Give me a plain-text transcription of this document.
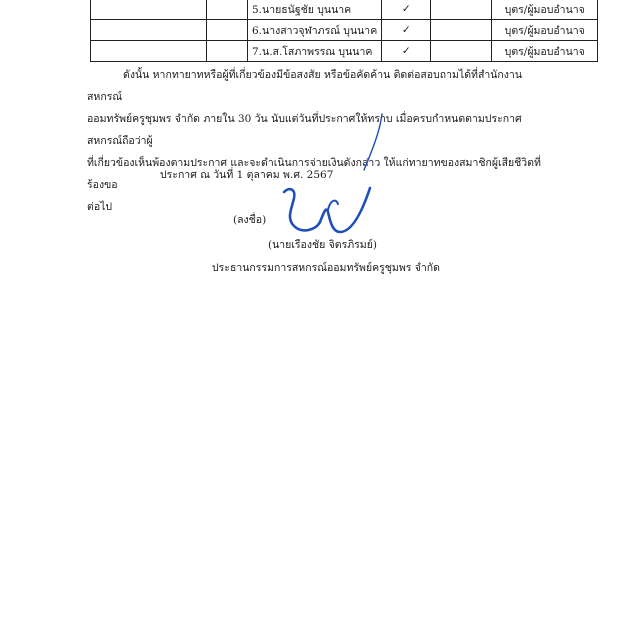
		5.นายธนัฐชัย บุนนาค	✓		บุตร/ผู้มอบอำนาจ
		6.นางสาวจุฬาภรณ์ บุนนาค	✓		บุตร/ผู้มอบอำนาจ
		7.น.ส.โสภาพรรณ บุนนาค	✓		บุตร/ผู้มอบอำนาจ

ดังนั้น หากทายาทหรือผู้ที่เกี่ยวข้องมีข้อสงสัย หรือข้อคัดค้าน ติดต่อสอบถามได้ที่สำนักงานสหกรณ์

ออมทรัพย์ครูชุมพร จำกัด ภายใน 30 วัน นับแต่วันที่ประกาศให้ทราบ เมื่อครบกำหนดตามประกาศ สหกรณ์ถือว่าผู้

ที่เกี่ยวข้องเห็นพ้องตามประกาศ และจะดำเนินการจ่ายเงินดังกล่าว ให้แก่ทายาทของสมาชิกผู้เสียชีวิตที่ร้องขอ

ต่อไป

ประกาศ ณ วันที่ 1 ตุลาคม พ.ศ. 2567
(ลงชื่อ)
(นายเรืองชัย จิตรภิรมย์)
ประธานกรรมการสหกรณ์ออมทรัพย์ครูชุมพร จำกัด
